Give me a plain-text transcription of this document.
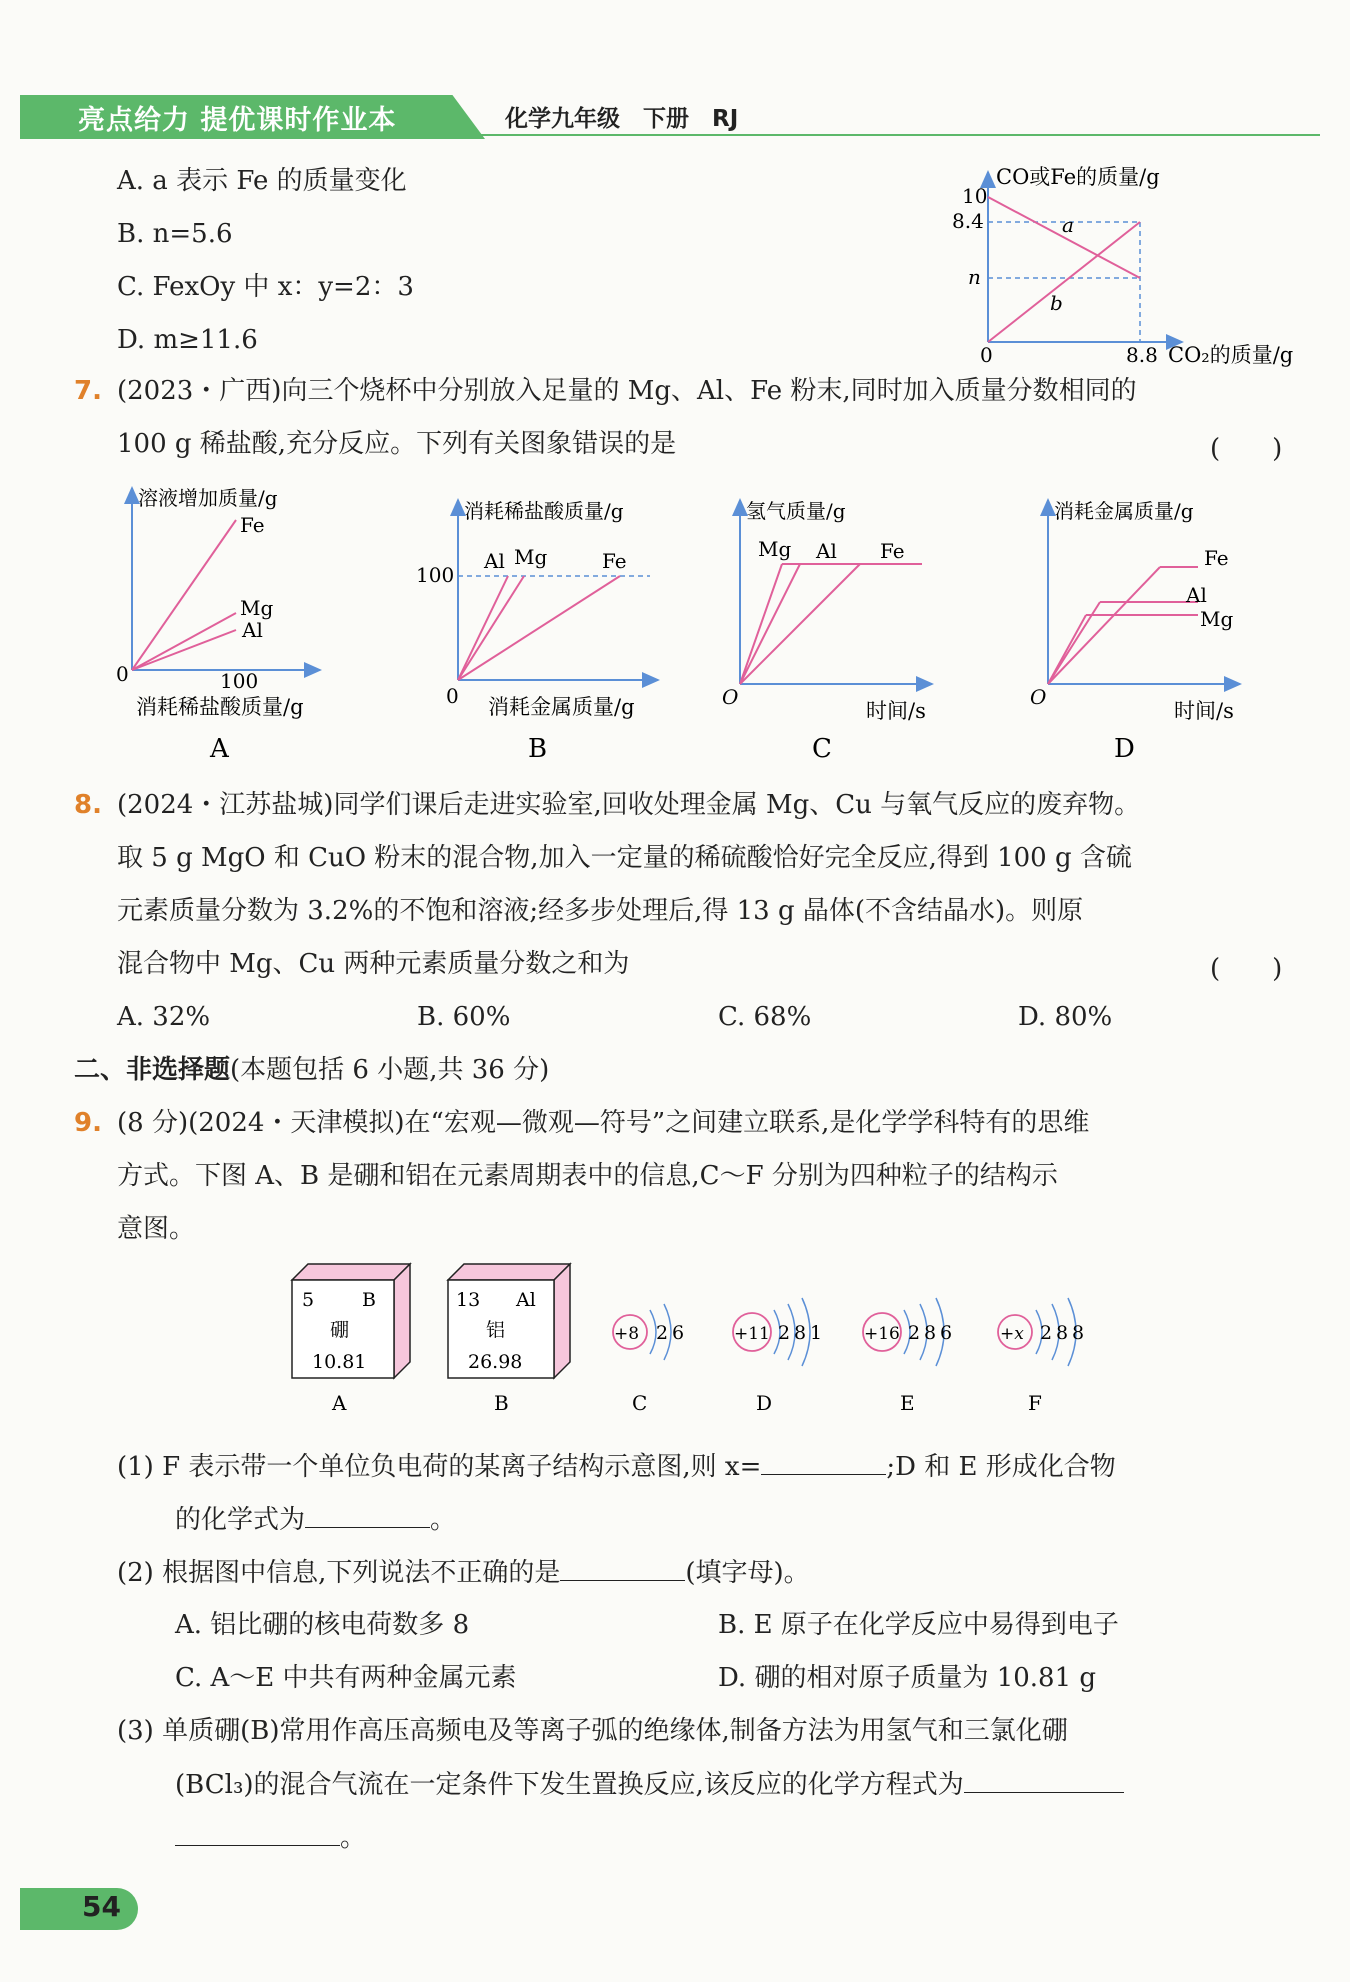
亮点给力 提优课时作业本	化学九年级　下册　RJ
A. a 表示 Fe 的质量变化
B. n=5.6
C. FexOy 中 x：y=2：3
D. m≥11.6
10
8.4
n
0	8.8
CO或Fe的质量/g
CO₂的质量/g
a
b
7. (2023・广西)向三个烧杯中分别放入足量的 Mg、Al、Fe 粉末,同时加入质量分数相同的
100 g 稀盐酸,充分反应。下列有关图象错误的是	(　　)
溶液增加质量/g
Fe
Mg
Al
0	100
消耗稀盐酸质量/g
A
消耗稀盐酸质量/g
Al Mg	Fe
100
0 消耗金属质量/g
B
氢气质量/g
Mg Al Fe
O
时间/s
C
消耗金属质量/g
Fe
Al
Mg
O
时间/s
D
8. (2024・江苏盐城)同学们课后走进实验室,回收处理金属 Mg、Cu 与氧气反应的废弃物。
取 5 g MgO 和 CuO 粉末的混合物,加入一定量的稀硫酸恰好完全反应,得到 100 g 含硫
元素质量分数为 3.2%的不饱和溶液;经多步处理后,得 13 g 晶体(不含结晶水)。则原
混合物中 Mg、Cu 两种元素质量分数之和为	(　　)
A. 32%	B. 60%	C. 68%	D. 80%
二、非选择题(本题包括 6 小题,共 36 分)
9. (8 分)(2024・天津模拟)在“宏观—微观—符号”之间建立联系,是化学学科特有的思维
方式。下图 A、B 是硼和铝在元素周期表中的信息,C～F 分别为四种粒子的结构示
意图。
5	B
硼
10.81
A
13 Al
铝
26.98
B
+8 2 6
C
+11 2 8 1
D
+16 2 8 6
E
+x 2 8 8
F
(1) F 表示带一个单位负电荷的某离子结构示意图,则 x=	;D 和 E 形成化合物
的化学式为	。
(2) 根据图中信息,下列说法不正确的是	(填字母)。
A. 铝比硼的核电荷数多 8	B. E 原子在化学反应中易得到电子
C. A～E 中共有两种金属元素	D. 硼的相对原子质量为 10.81 g
(3) 单质硼(B)常用作高压高频电及等离子弧的绝缘体,制备方法为用氢气和三氯化硼
(BCl₃)的混合气流在一定条件下发生置换反应,该反应的化学方程式为
。
54
